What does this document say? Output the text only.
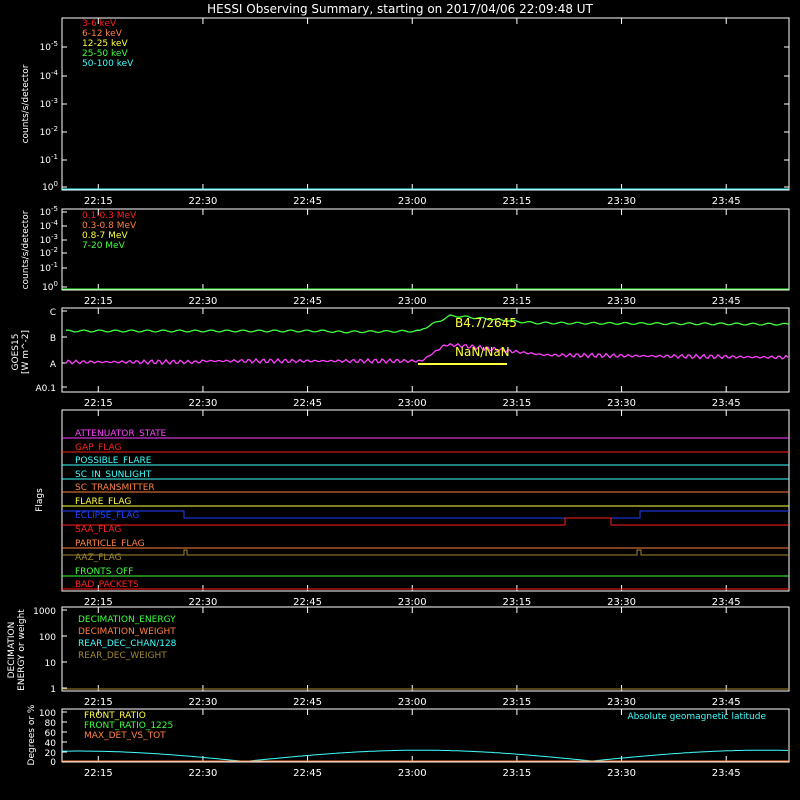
HESSI Observing Summary, starting on 2017/04/06 22:09:48 UT
22:15	22:30	22:45	23:00	23:15	23:30	23:45
$10^{-5}$
$10^{-4}$
$10^{-3}$
$10^{-2}$
$10^{-1}$
$10^0$
counts/s/detector
3-6 keV
6-12 keV
12-25 keV
25-50 keV
50-100 keV
22:15	22:30	22:45	23:00	23:15	23:30	23:45
$10^{-5}$
$10^{-4}$
$10^{-3}$
$10^{-2}$
$10^{-1}$
$10^0$
counts/s/detector	0.1-0.3 MeV
0.3-0.8 MeV
0.8-7 MeV
7-20 MeV
22:15	22:30	22:45	23:00	23:15	23:30	23:45
C
B
A
A0.1
GOES15 [W m^-2]
B4.7/2645
NaN/NaN
22:15	22:30	22:45	23:00	23:15	23:30	23:45
Flags
ATTENUATOR_STATE
GAP_FLAG
POSSIBLE_FLARE
SC_IN_SUNLIGHT
SC_TRANSMITTER
FLARE_FLAG
ECLIPSE_FLAG
SAA_FLAG
PARTICLE_FLAG
AAZ_FLAG
FRONTS_OFF
BAD_PACKETS
22:15	22:30	22:45	23:00	23:15	23:30	23:45
1000
100
10
1
DECIMATION ENERGY or weight	DECIMATION_ENERGY
DECIMATION_WEIGHT
REAR_DEC_CHAN/128
REAR_DEC_WEIGHT
22:15	22:30	22:45	23:00	23:15	23:30	23:45
100
80
60
40
20
0
Degrees or %	FRONT_RATIO
FRONT_RATIO_1225
MAX_DET_VS_TOT
Absolute geomagnetic latitude
